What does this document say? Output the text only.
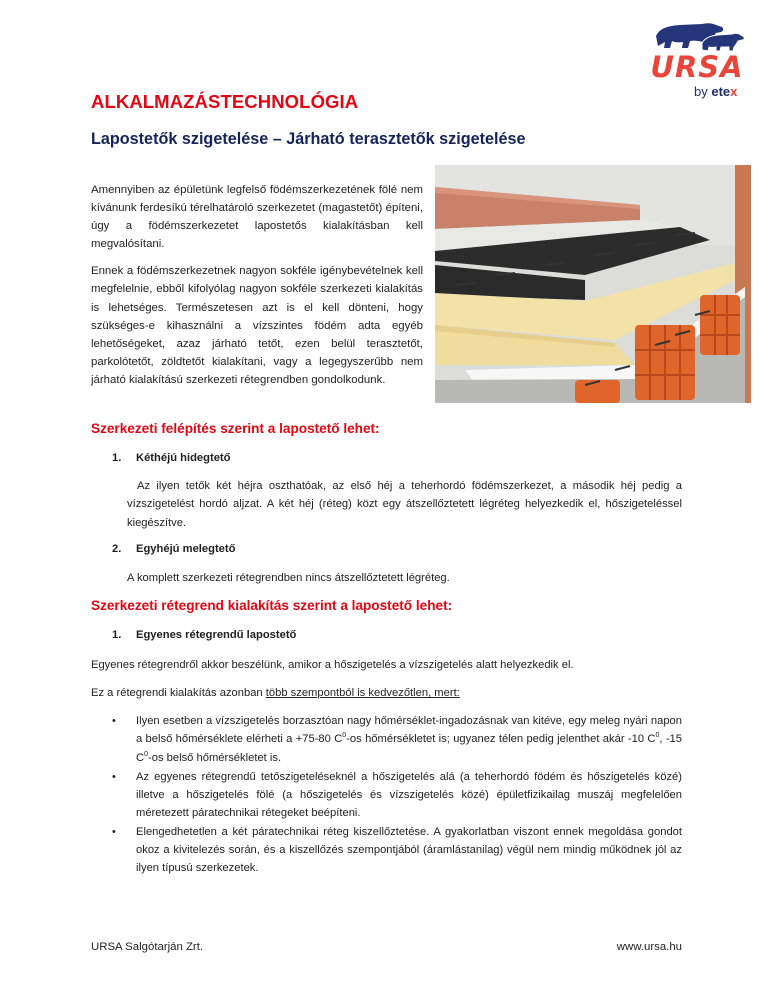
URSA
by etex
ALKALMAZÁSTECHNOLÓGIA
Lapostetők szigetelése – Járható terasztetők szigetelése

Amennyiben az épületünk legfelső födémszerkezetének fölé nem kívánunk ferdesíkú térelhatároló szerkezetet (magastetőt) építeni, úgy a födémszerkezetet lapostetős kialakításban kell megvalósítani.

Ennek a födémszerkezetnek nagyon sokféle igénybevételnek kell megfelelnie, ebből kifolyólag nagyon sokféle szerkezeti kialakítás is lehetséges. Természetesen azt is el kell dönteni, hogy szükséges-e kihasználni a vízszintes födém adta egyéb lehetőségeket, azaz járható tetőt, ezen belül terasztetőt, parkolótetőt, zöldtetőt kialakítani, vagy a legegyszerűbb nem járható kialakítású szerkezeti rétegrendben gondolkodunk.

Szerkezeti felépítés szerint a lapostető lehet:
1. Kéthéjú hidegtető
Az ilyen tetők két héjra oszthatóak, az első héj a teherhordó födémszerkezet, a második héj pedig a vízszigetelést hordó aljzat. A két héj (réteg) közt egy átszellőztetett légréteg helyezkedik el, hőszigeteléssel kiegészítve.
2. Egyhéjú melegtető
A komplett szerkezeti rétegrendben nincs átszellőztetett légréteg.
Szerkezeti rétegrend kialakítás szerint a lapostető lehet:
1. Egyenes rétegrendű lapostető
Egyenes rétegrendről akkor beszélünk, amikor a hőszigetelés a vízszigetelés alatt helyezkedik el.
Ez a rétegrendi kialakítás azonban több szempontból is kedvezőtlen, mert:
• Ilyen esetben a vízszigetelés borzasztóan nagy hőmérséklet-ingadozásnak van kitéve, egy meleg nyári napon a belső hőmérséklete elérheti a +75-80 $C^0-os$ hőmérsékletet is; ugyanez télen pedig jelenthet akár -10 $C^0$, -15 $C^0-os$ belső hőmérsékletet is.
• Az egyenes rétegrendű tetőszigeteléseknél a hőszigetelés alá (a teherhordó födém és hőszigetelés közé) illetve a hőszigetelés fölé (a hőszigetelés és vízszigetelés közé) épületfizikailag muszáj megfelelően méretezett páratechnikai rétegeket beépíteni.
• Elengedhetetlen a két páratechnikai réteg kiszellőztetése. A gyakorlatban viszont ennek megoldása gondot okoz a kivitelezés során, és a kiszellőzés szempontjából (áramlástanilag) végül nem mindig működnek jól az ilyen típusú szerkezetek.
URSA Salgótarján Zrt.	www.ursa.hu
